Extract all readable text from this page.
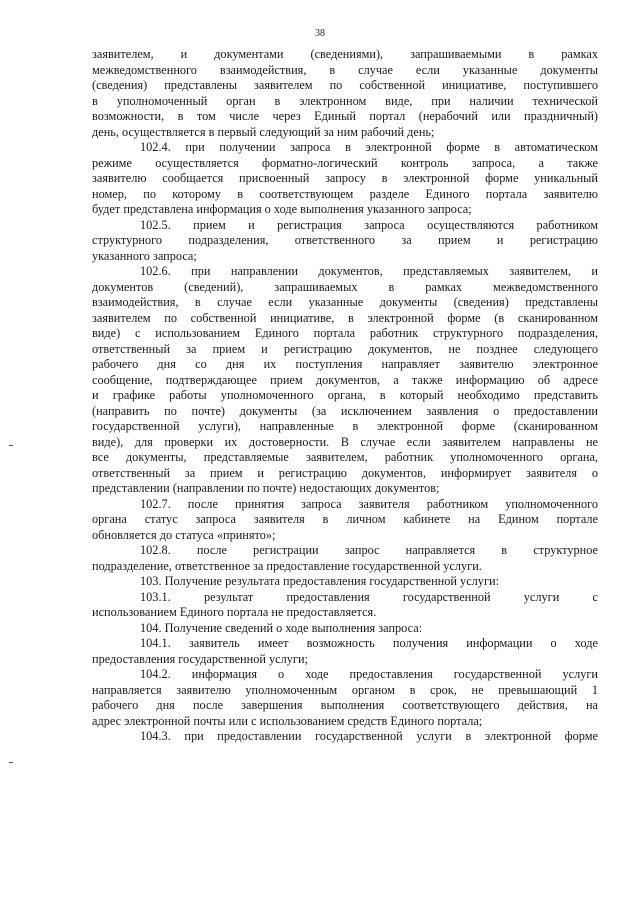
38
заявителем, и документами (сведениями), запрашиваемыми в рамках
межведомственного взаимодействия, в случае если указанные документы
(сведения) представлены заявителем по собственной инициативе, поступившего
в уполномоченный орган в электронном виде, при наличии технической
возможности, в том числе через Единый портал (нерабочий или праздничный)
день, осуществляется в первый следующий за ним рабочий день;
102.4. при получении запроса в электронной форме в автоматическом
режиме осуществляется форматно-логический контроль запроса, а также
заявителю сообщается присвоенный запросу в электронной форме уникальный
номер, по которому в соответствующем разделе Единого портала заявителю
будет представлена информация о ходе выполнения указанного запроса;
102.5. прием и регистрация запроса осуществляются работником
структурного подразделения, ответственного за прием и регистрацию
указанного запроса;
102.6. при направлении документов, представляемых заявителем, и
документов (сведений), запрашиваемых в рамках межведомственного
взаимодействия, в случае если указанные документы (сведения) представлены
заявителем по собственной инициативе, в электронной форме (в сканированном
виде) с использованием Единого портала работник структурного подразделения,
ответственный за прием и регистрацию документов, не позднее следующего
рабочего дня со дня их поступления направляет заявителю электронное
сообщение, подтверждающее прием документов, а также информацию об адресе
и графике работы уполномоченного органа, в который необходимо представить
(направить по почте) документы (за исключением заявления о предоставлении
государственной услуги), направленные в электронной форме (сканированном
виде), для проверки их достоверности. В случае если заявителем направлены не
все документы, представляемые заявителем, работник уполномоченного органа,
ответственный за прием и регистрацию документов, информирует заявителя о
представлении (направлении по почте) недостающих документов;
102.7. после принятия запроса заявителя работником уполномоченного
органа статус запроса заявителя в личном кабинете на Едином портале
обновляется до статуса «принято»;
102.8. после регистрации запрос направляется в структурное
подразделение, ответственное за предоставление государственной услуги.
103. Получение результата предоставления государственной услуги:
103.1. результат предоставления государственной услуги с
использованием Единого портала не предоставляется.
104. Получение сведений о ходе выполнения запроса:
104.1. заявитель имеет возможность получения информации о ходе
предоставления государственной услуги;
104.2. информация о ходе предоставления государственной услуги
направляется заявителю уполномоченным органом в срок, не превышающий 1
рабочего дня после завершения выполнения соответствующего действия, на
адрес электронной почты или с использованием средств Единого портала;
104.3. при предоставлении государственной услуги в электронной форме
